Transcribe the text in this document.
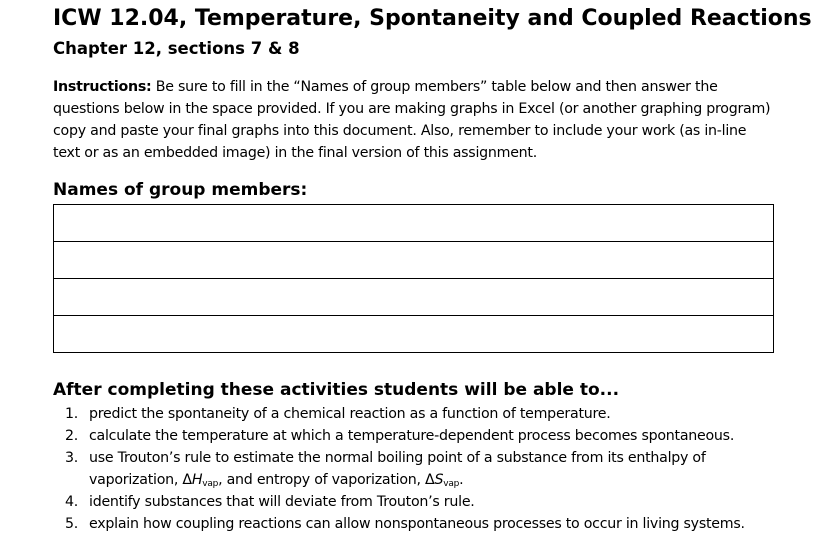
ICW 12.04, Temperature, Spontaneity and Coupled Reactions
Chapter 12, sections 7 & 8

Instructions: Be sure to fill in the “Names of group members” table below and then answer the questions below in the space provided. If you are making graphs in Excel (or another graphing program) copy and paste your final graphs into this document. Also, remember to include your work (as in-line text or as an embedded image) in the final version of this assignment.

Names of group members:

After completing these activities students will be able to...
1. predict the spontaneity of a chemical reaction as a function of temperature.
2. calculate the temperature at which a temperature-dependent process becomes spontaneous.
3. use Trouton’s rule to estimate the normal boiling point of a substance from its enthalpy of vaporization, $\Delta H_{vap}$, and entropy of vaporization, $\Delta S_{vap}$.
4. identify substances that will deviate from Trouton’s rule.
5. explain how coupling reactions can allow nonspontaneous processes to occur in living systems.
